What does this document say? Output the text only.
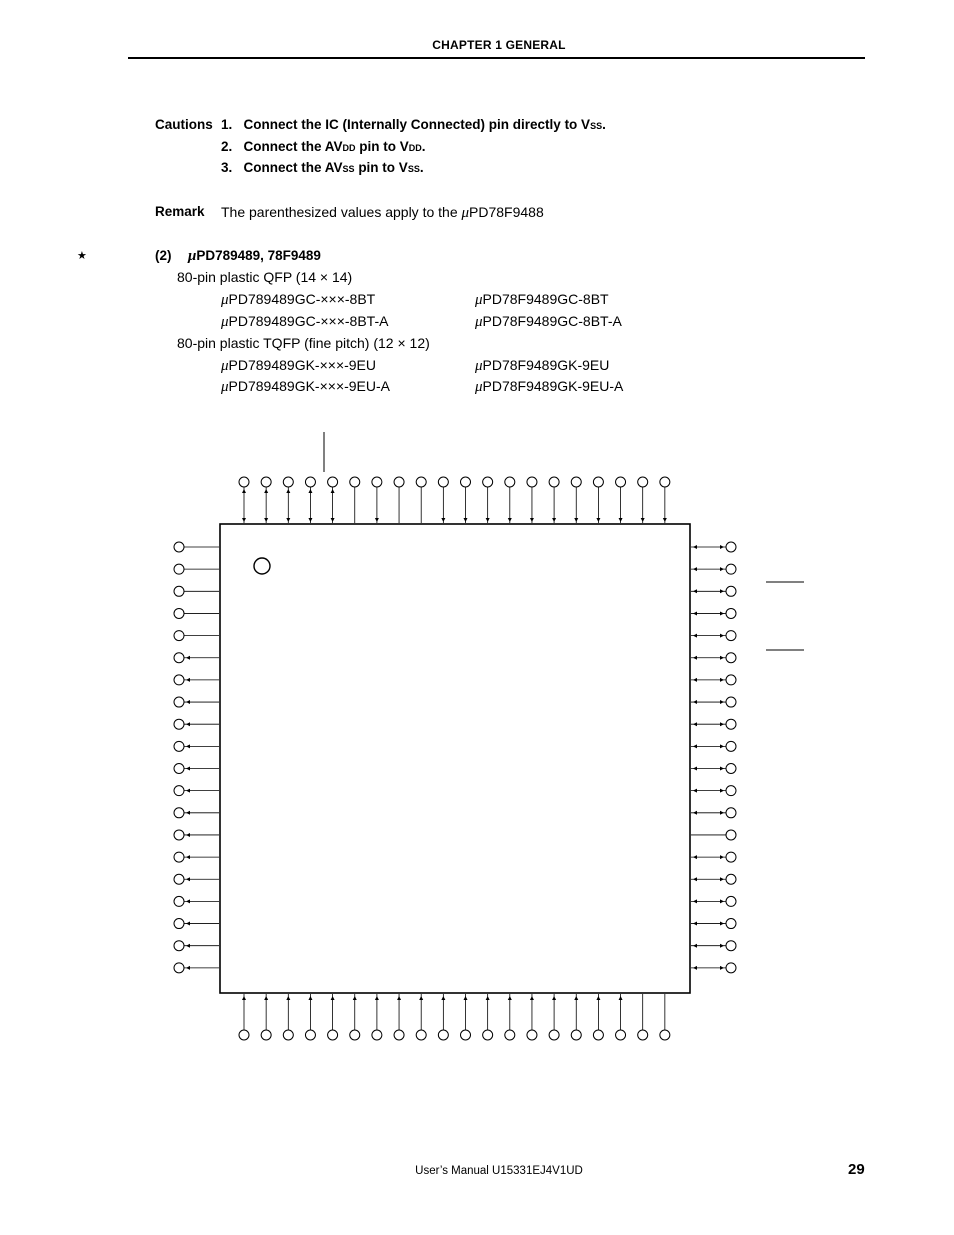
CHAPTER 1 GENERAL
Cautions 1. Connect the IC (Internally Connected) pin directly to VSS.
2. Connect the AVDD pin to VDD.
3. Connect the AVSS pin to VSS.
Remark The parenthesized values apply to the μPD78F9488
★	(2) μPD789489, 78F9489
80-pin plastic QFP (14 × 14)
μPD789489GC-×××-8BT	μPD78F9489GC-8BT
μPD789489GC-×××-8BT-A	μPD78F9489GC-8BT-A
80-pin plastic TQFP (fine pitch) (12 × 12)
μPD789489GK-×××-9EU	μPD78F9489GK-9EU
μPD789489GK-×××-9EU-A	μPD78F9489GK-9EU-A
User’s Manual U15331EJ4V1UD	29
